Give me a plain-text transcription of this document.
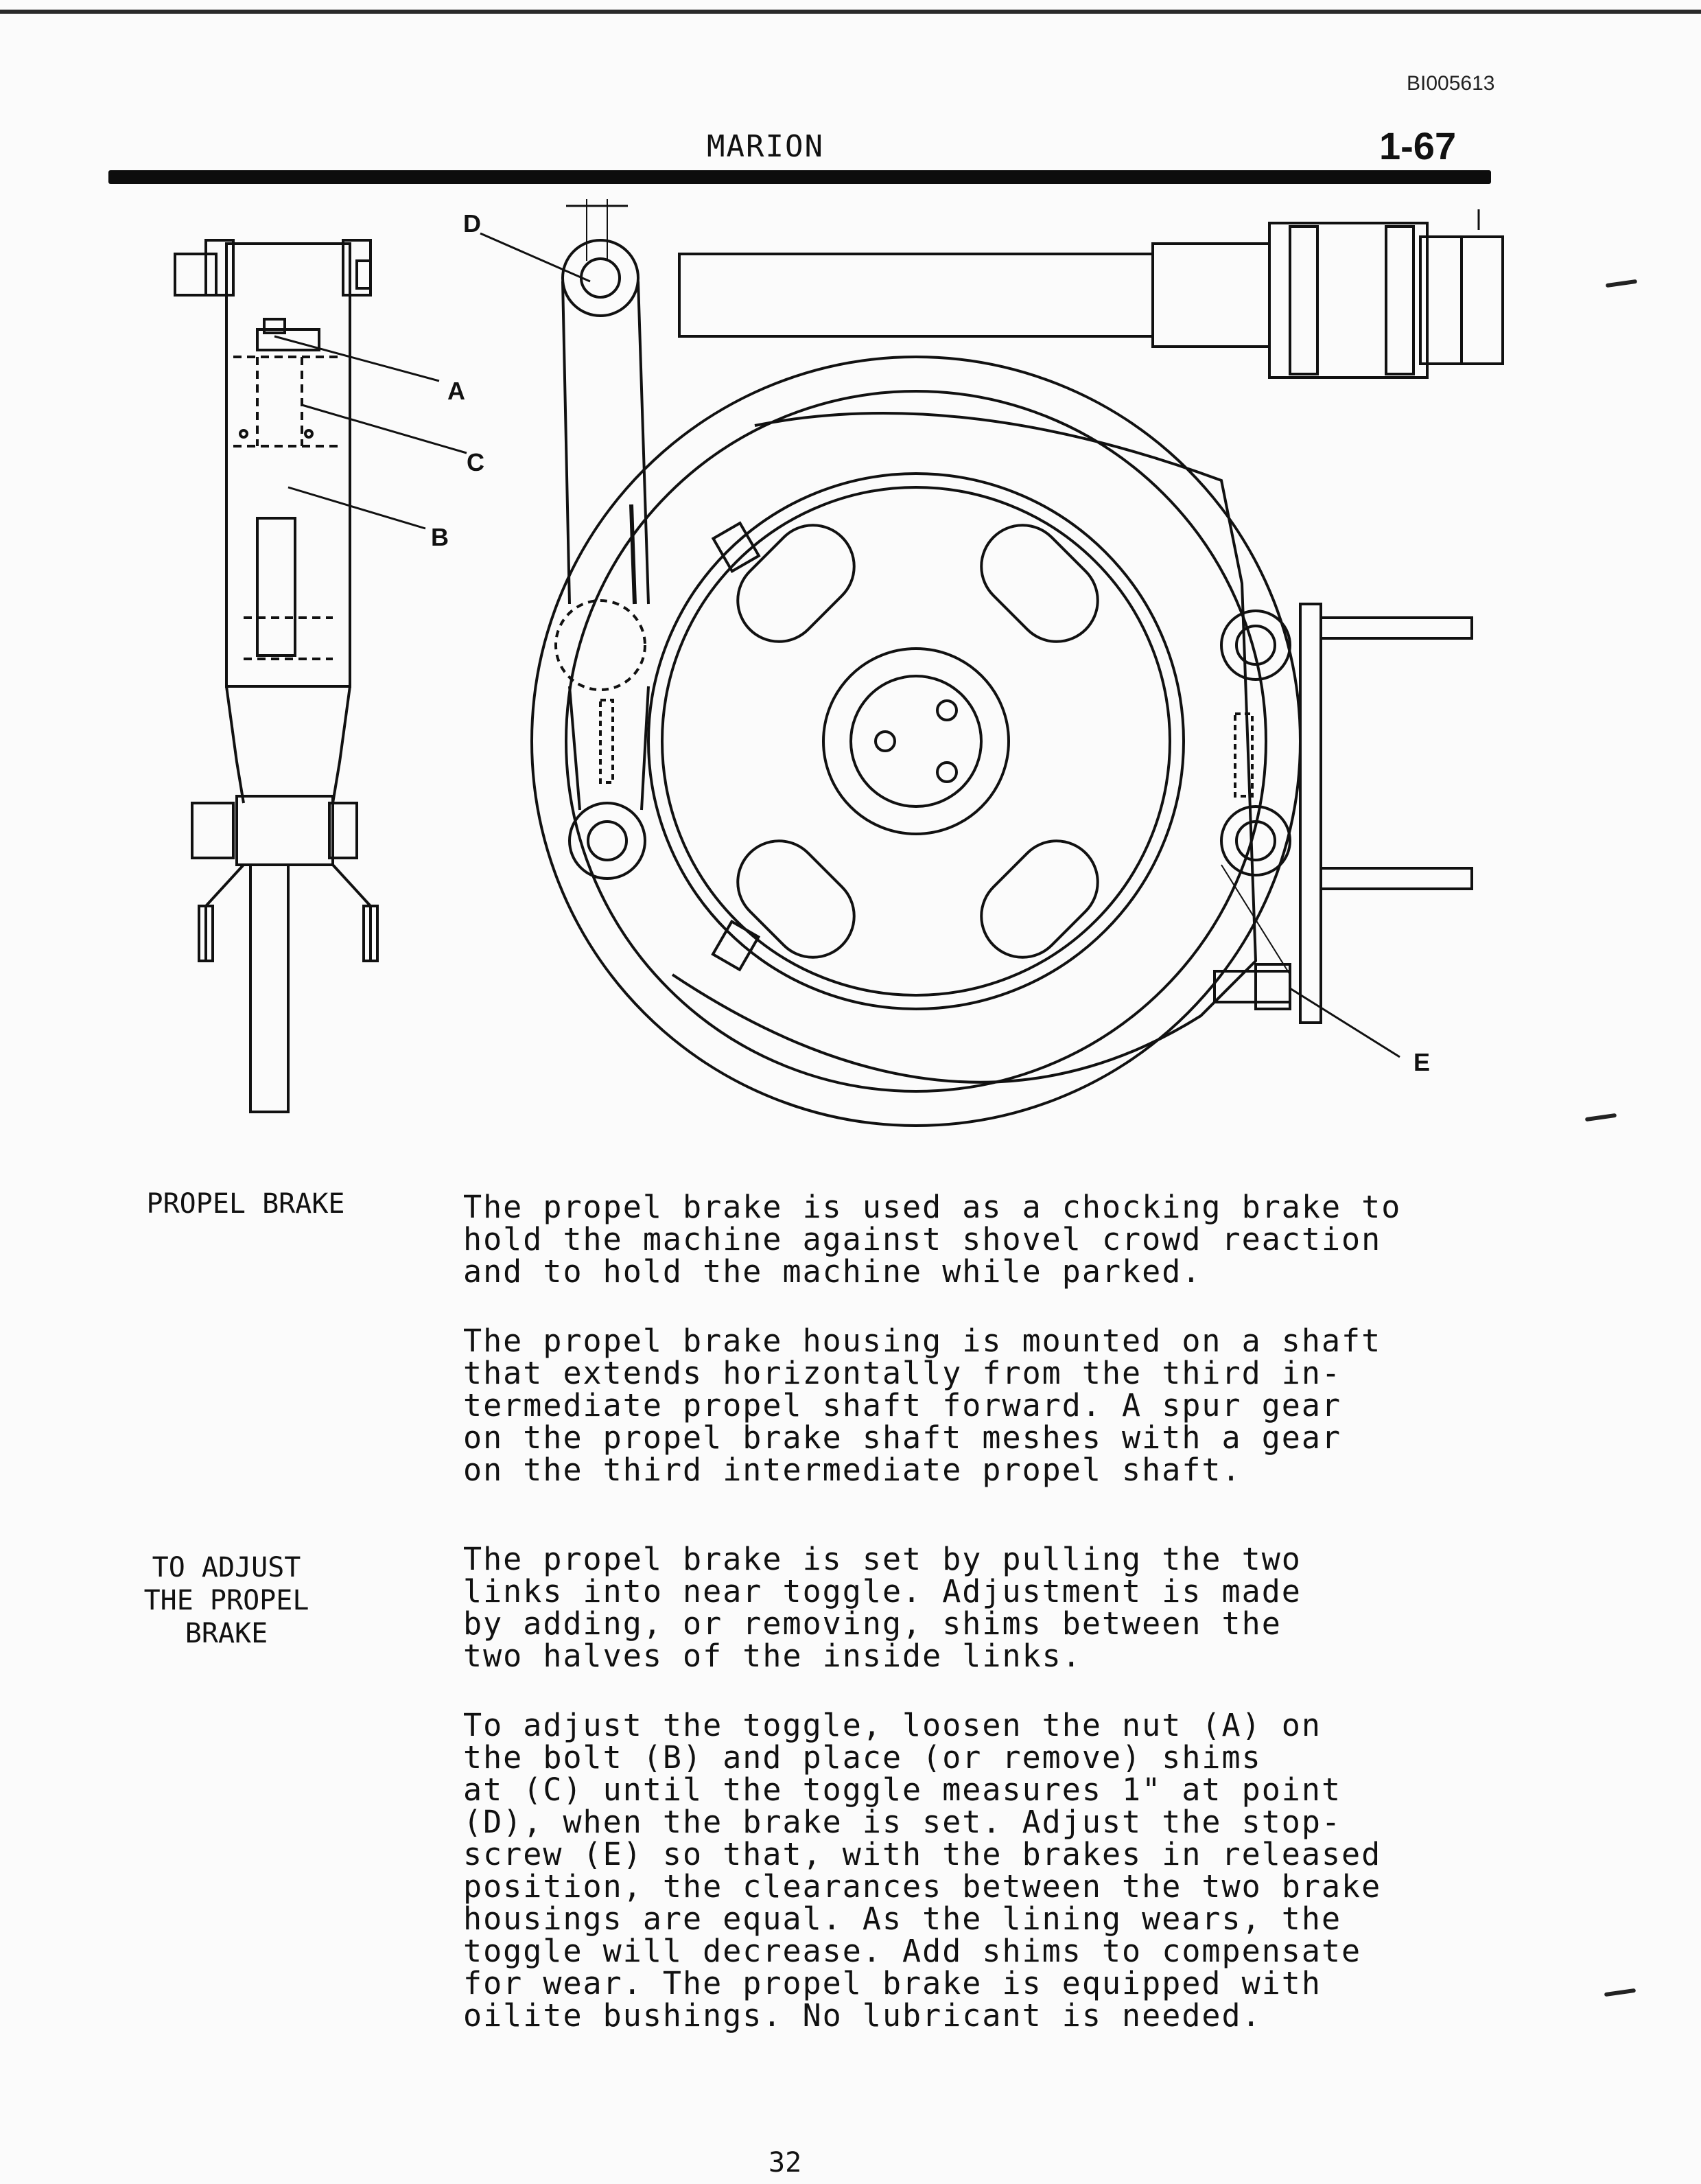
BI005613
MARION	1-67
D
A
C
B
E
PROPEL BRAKE	The propel brake is used as a chocking brake to
hold the machine against shovel crowd reaction
and to hold the machine while parked.
The propel brake housing is mounted on a shaft
that extends horizontally from the third in-
termediate propel shaft forward. A spur gear
on the propel brake shaft meshes with a gear
on the third intermediate propel shaft.
TO ADJUST
THE PROPEL
BRAKE
The propel brake is set by pulling the two
links into near toggle. Adjustment is made
by adding, or removing, shims between the
two halves of the inside links.
To adjust the toggle, loosen the nut (A) on
the bolt (B) and place (or remove) shims
at (C) until the toggle measures 1" at point
(D), when the brake is set. Adjust the stop-
screw (E) so that, with the brakes in released
position, the clearances between the two brake
housings are equal. As the lining wears, the
toggle will decrease. Add shims to compensate
for wear. The propel brake is equipped with
oilite bushings. No lubricant is needed.
32
